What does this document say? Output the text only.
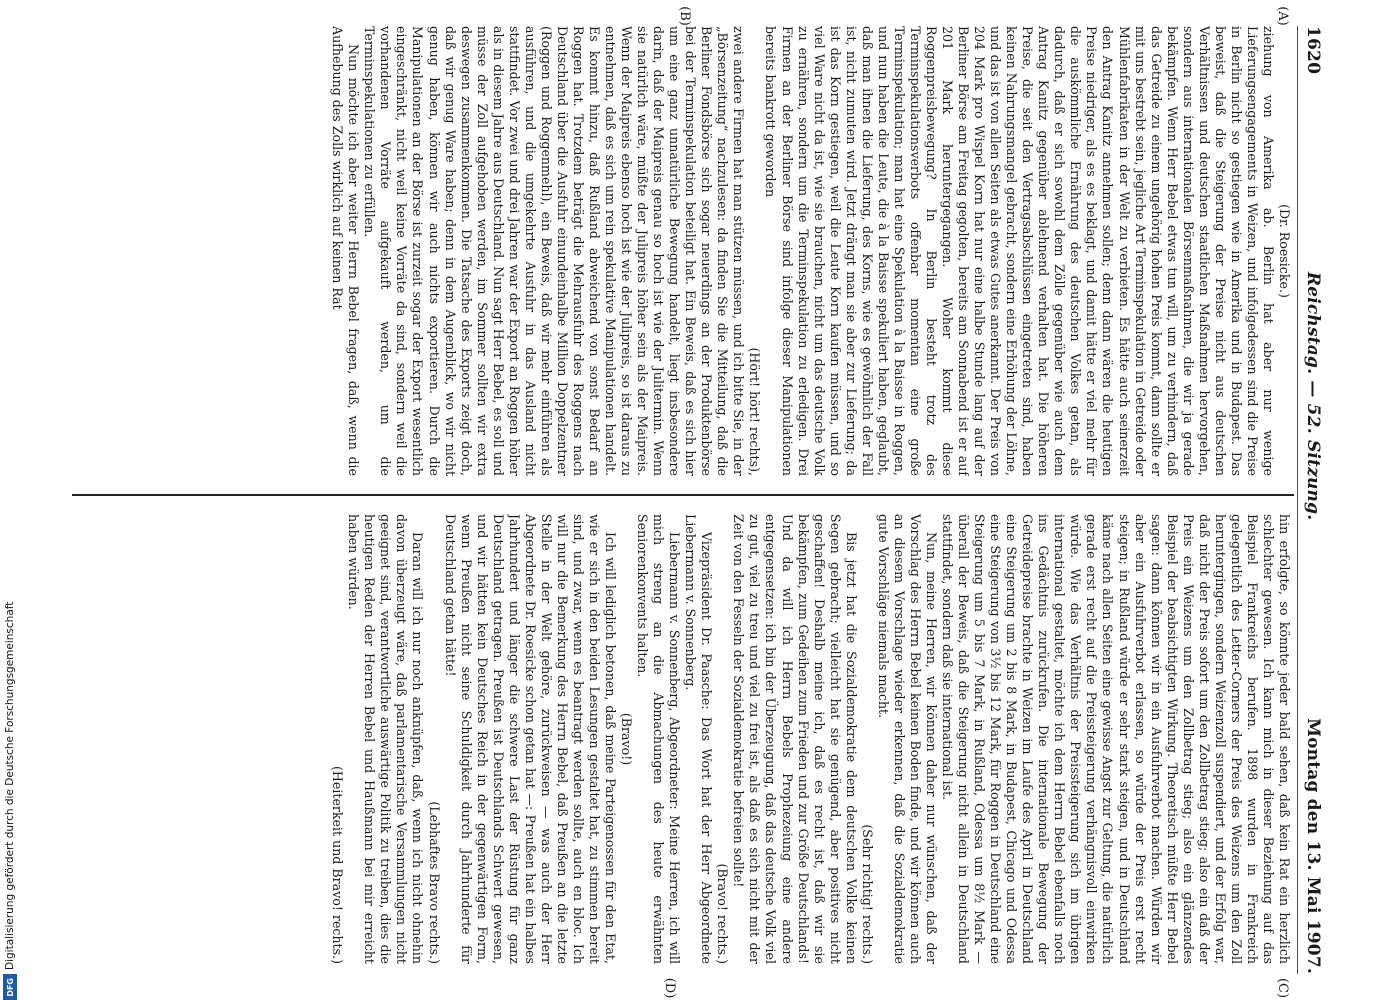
1620
Reichstag. — 52. Sitzung.
Montag den 13. Mai 1907.
(A)
(B)
(C)
(D)

(Dr. Roesicke.)

ziehung von Amerika ab. Berlin hat aber nur wenige Lieferungsengagements in Weizen, und infolgedessen sind die Preise in Berlin nicht so gestiegen wie in Amerika und in Budapest. Das beweist, daß die Steigerung der Preise nicht aus deutschen Verhältnissen und deutschen staatlichen Maßnahmen hervorgehen, sondern aus internationalen Börsenmaßnahmen, die wir ja gerade bekämpfen. Wenn Herr Bebel etwas tun will, um zu verhindern, daß das Getreide zu einem ungehörig hohen Preis kommt, dann sollte er mit uns bestrebt sein, jegliche Art Terminspekulation in Getreide oder Mühlenfabrikaten in der Welt zu verbieten. Es hätte auch seinerzeit den Antrag Kanitz annehmen sollen; denn dann wären die heutigen Preise niedriger, als es es beklagt, und damit hätte er viel mehr für die auskömmliche Ernährung des deutschen Volkes getan, als dadurch, daß er sich sowohl dem Zölle gegenüber wie auch dem Antrag Kanitz gegenüber ablehnend verhalten hat. Die höheren Preise, die seit den Vertragsabschlüssen eingetreten sind, haben keinen Nahrungsmangel gebracht, sondern eine Erhöhung der Löhne, und das ist von allen Seiten als etwas Gutes anerkannt. Der Preis von 204 Mark pro Wispel Korn hat nur eine halbe Stunde lang auf der Berliner Börse am Freitag gegolten, bereits am Sonnabend ist er auf 201 Mark heruntergegangen. Woher kommt diese Roggenpreisbewegung? In Berlin besteht trotz des Terminspekulationsverbots offenbar momentan eine große Terminspekulation; man hat eine Spekulation à la Baisse in Roggen, und nun haben die Leute, die à la Baisse spekuliert haben, geglaubt, daß man ihnen die Lieferung, des Korns, wie es gewöhnlich der Fall ist, nicht zumuten wird. Jetzt drängt man sie aber zur Lieferung; da ist das Korn gestiegen, weil die Leute Korn kaufen müssen, und so viel Ware nicht da ist, wie sie brauchen, nicht um das deutsche Volk zu ernähren, sondern um die Terminspekulation zu erledigen. Drei Firmen an der Berliner Börse sind infolge dieser Manipulationen bereits bankrott geworden

(Hört! hört! rechts),

zwei andere Firmen hat man stützen müssen, und ich bitte Sie, in der „Börsenzeitung“ nachzulesen: da finden Sie die Mitteilung, daß die Berliner Fondsbörse sich sogar neuerdings an der Produktenbörse bei der Terminspekulation beteiligt hat. Ein Beweis, daß es sich hier um eine ganz unnatürliche Bewegung handelt, liegt insbesondere darin, daß der Maipreis genau so hoch ist wie der Julitermin. Wenn sie natürlich wäre, müßte der Julipreis höher sein als der Maipreis. Wenn der Maipreis ebenso hoch ist wie der Julipreis, so ist daraus zu entnehmen, daß es sich um rein spekulative Manipulationen handelt. Es kommt hinzu, daß Rußland abweichend von sonst Bedarf an Roggen hat. Trotzdem beträgt die Mehrausfuhr des Roggens nach Deutschland über die Ausfuhr einundeinhalbe Million Doppelzentner (Roggen und Roggenmehl), ein Beweis, daß wir mehr einführen als ausführen, und die umgekehrte Ausfuhr in das Ausland nicht stattfindet. Vor zwei und drei Jahren war der Export an Roggen höher als in diesem Jahre aus Deutschland. Nun sagt Herr Bebel, es soll und müsse der Zoll aufgehoben werden, im Sommer sollten wir extra deswegen zusammenkommen. Die Tatsache des Exports zeigt doch, daß wir genug Ware haben; denn in dem Augenblick, wo wir nicht genug haben, können wir auch nichts exportieren. Durch die Manipulationen an der Börse ist zurzeit sogar der Export wesentlich eingeschränkt, nicht weil keine Vorräte da sind, sondern weil die vorhandenen Vorräte aufgekauft werden, um die Terminspekulationen zu erfüllen.

Nun möchte ich aber weiter Herrn Bebel fragen, daß, wenn die Aufhebung des Zolls wirklich auf keinen Rat

hin erfolgte, so könnte jeder bald sehen, daß kein Rat ein herzlich schlechter gewesen. Ich kann mich in dieser Beziehung auf das Beispiel Frankreichs berufen. 1898 wurden in Frankreich gelegentlich des Letter-Corners der Preis des Weizens um den Zoll heruntergingen, sondern Weizenzoll suspendiert, und der Erfolg war, daß nicht der Preis sofort um den Zollbetrag stieg; also ein daß der Preis ein Weizens um den Zollbetrag stieg; also ein glänzendes Beispiel der beabsichtigten Wirkung. Theoretisch müßte Herr Bebel sagen: dann können wir in ein Ausfuhrverbot machen. Würden wir aber ein Ausfuhrverbot erlassen, so würde der Preis erst recht steigen; in Rußland würde er sehr stark steigen, und in Deutschland käme nach allen Seiten eine gewisse Angst zur Geltung, die natürlich gerade erst recht auf die Preissteigerung verhängnisvoll einwirken würde. Wie das Verhältnis der Preissteigerung sich im übrigen international gestaltet, möchte ich dem Herrn Bebel ebenfalls noch ins Gedächtnis zurückrufen. Die internationale Bewegung der Getreidepreise brachte in Weizen im Laufe des April in Deutschland eine Steigerung um 2 bis 8 Mark, in Budapest, Chicago und Odessa eine Steigerung von 3½ bis 12 Mark, für Roggen in Deutschland eine Steigerung um 5 bis 7 Mark, in Rußland, Odessa um 8½ Mark — überall der Beweis, daß die Steigerung nicht allein in Deutschland stattfindet, sondern daß sie international ist.

Nun, meine Herren, wir können daher nur wünschen, daß der Vorschlag des Herrn Bebel keinen Boden finde, und wir können auch an diesem Vorschlage wieder erkennen, daß die Sozialdemokratie gute Vorschläge niemals macht.

(Sehr richtig! rechts.)

Bis jetzt hat die Sozialdemokratie dem deutschen Volke keinen Segen gebracht; vielleicht hat sie genügend, aber positives nicht geschaffen! Deshalb meine ich, daß es recht ist, daß wir sie bekämpfen, zum Gedeihen zum Frieden und zur Größe Deutschlands! Und da will ich Herrn Bebels Prophezeiung eine andere entgegensetzen: ich bin der Überzeugung, daß das deutsche Volk viel zu gut, viel zu treu und viel zu frei ist, als daß es sich nicht mit der Zeit von den Fesseln der Sozialdemokratie befreien sollte!

(Bravo! rechts.)

Vizepräsident Dr. Paasche: Das Wort hat der Herr Abgeordnete Liebermann v. Sonnenberg.

Liebermann v. Sonnenberg, Abgeordneter: Meine Herren, ich will mich streng an die Abmachungen des heute erwähnten Seniorenkonvents halten.

(Bravo!)

Ich will lediglich betonen, daß meine Parteigenossen für den Etat, wie er sich in den beiden Lesungen gestaltet hat, zu stimmen bereit sind, und zwar, wenn es beantragt werden sollte, auch en bloc. Ich will nur die Bemerkung des Herrn Bebel, daß Preußen an die letzte Stelle in der Welt gehöre, zurückweisen — was auch der Herr Abgeordnete Dr. Roesicke schon getan hat —: Preußen hat ein halbes Jahrhundert und länger die schwere Last der Rüstung für ganz Deutschland getragen. Preußen ist Deutschlands Schwert gewesen, und wir hätten kein Deutsches Reich in der gegenwärtigen Form, wenn Preußen nicht seine Schuldigkeit durch Jahrhunderte für Deutschland getan hätte!

(Lebhaftes Bravo rechts.)

Daran will ich nur noch anknüpfen, daß, wenn ich nicht ohnehin davon überzeugt wäre, daß parlamentarische Versammlungen nicht geeignet sind, verantwortliche auswärtige Politik zu treiben, dies die heutigen Reden der Herren Bebel und Haußmann bei mir erreicht haben würden.

(Heiterkeit und Bravo! rechts.)

Digitalisierung gefördert durch die Deutsche Forschungsgemeinschaft
DFG
